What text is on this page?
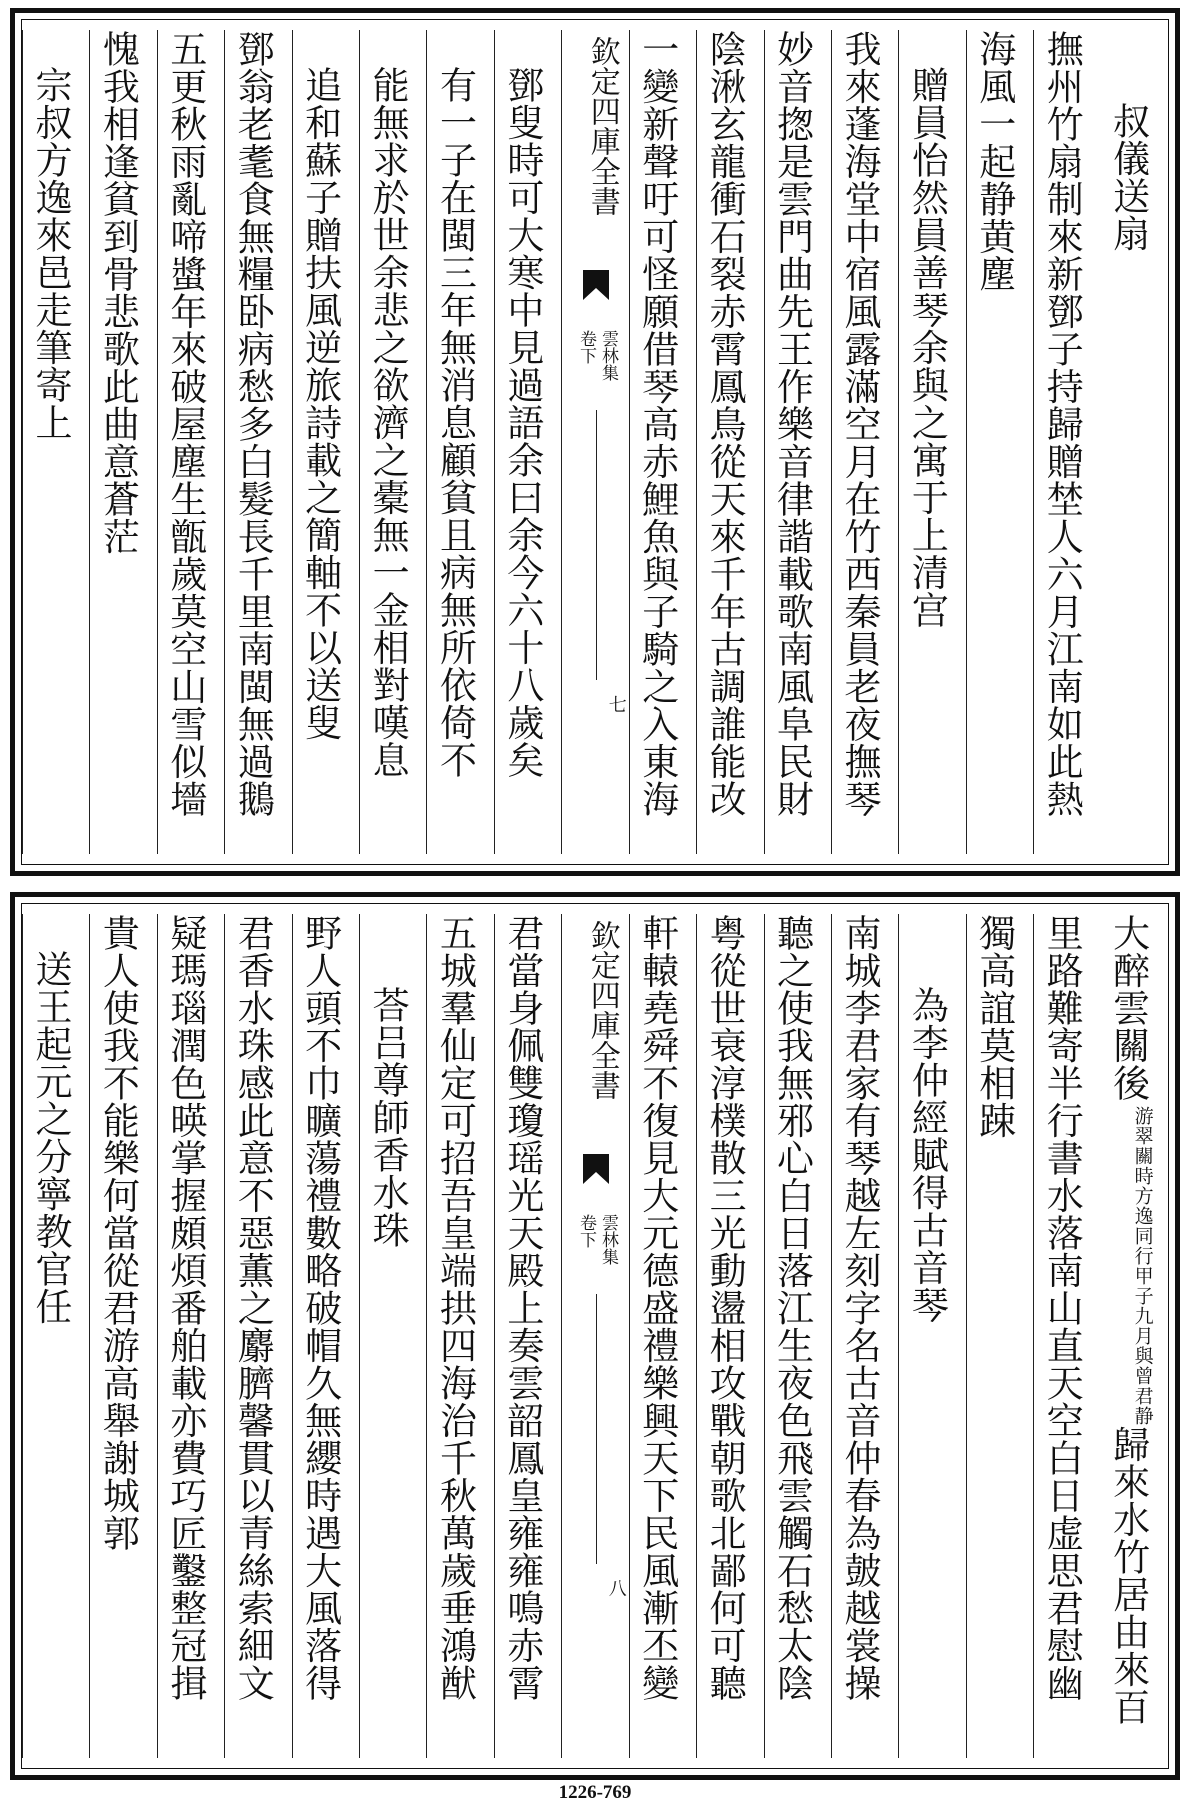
叔儀送扇
撫州竹扇制來新鄧子持歸贈埜人六月江南如此熱
海風一起静黄塵
贈員怡然員善琴余與之寓于上清宫
我來蓬海堂中宿風露滿空月在竹西秦員老夜撫琴
妙音揔是雲門曲先王作樂音律諧載歌南風阜民財
陰湫玄龍衝石裂赤霄鳳鳥從天來千年古調誰能改
一變新聲吁可怪願借琴高赤鯉魚與子騎之入東海
欽定四庫全書
雲林集
卷下
七
鄧叟時可大寒中見過語余曰余今六十八歲矣
有一子在閩三年無消息顧貧且病無所依倚不
能無求於世余悲之欲濟之橐無一金相對嘆息
追和蘇子贈扶風逆旅詩載之簡軸不以送叟
鄧翁老耄食無糧卧病愁多白髮長千里南閩無過鵝
五更秋雨亂啼螿年來破屋塵生甑歲莫空山雪似墻
愧我相逢貧到骨悲歌此曲意蒼茫
宗叔方逸來邑走筆寄上
大醉雲關後
甲子九月與曾君静
游翠關時方逸同行
歸來水竹居由來百
里路難寄半行書水落南山直天空白日虚思君慰幽
獨高誼莫相踈
為李仲經賦得古音琴
南城李君家有琴越左刻字名古音仲春為皷越裳操
聽之使我無邪心白日落江生夜色飛雲觸石愁太陰
粤從世衰淳樸散三光動盪相攻戰朝歌北鄙何可聽
軒轅堯舜不復見大元德盛禮樂興天下民風漸丕變
欽定四庫全書
雲林集
卷下
八
君當身佩雙瓊瑶光天殿上奏雲韶鳳皇雍雍鳴赤霄
五城羣仙定可招吾皇端拱四海治千秋萬歲垂鴻猷
荅吕尊師香水珠
野人頭不巾曠蕩禮數略破帽久無纓時遇大風落得
君香水珠感此意不惡薫之麝臍馨貫以青絲索細文
疑瑪瑙潤色暎掌握頗煩番舶載亦費巧匠鑿整冠揖
貴人使我不能樂何當從君游高舉謝城郭
送王起元之分寧教官任
1226-769
